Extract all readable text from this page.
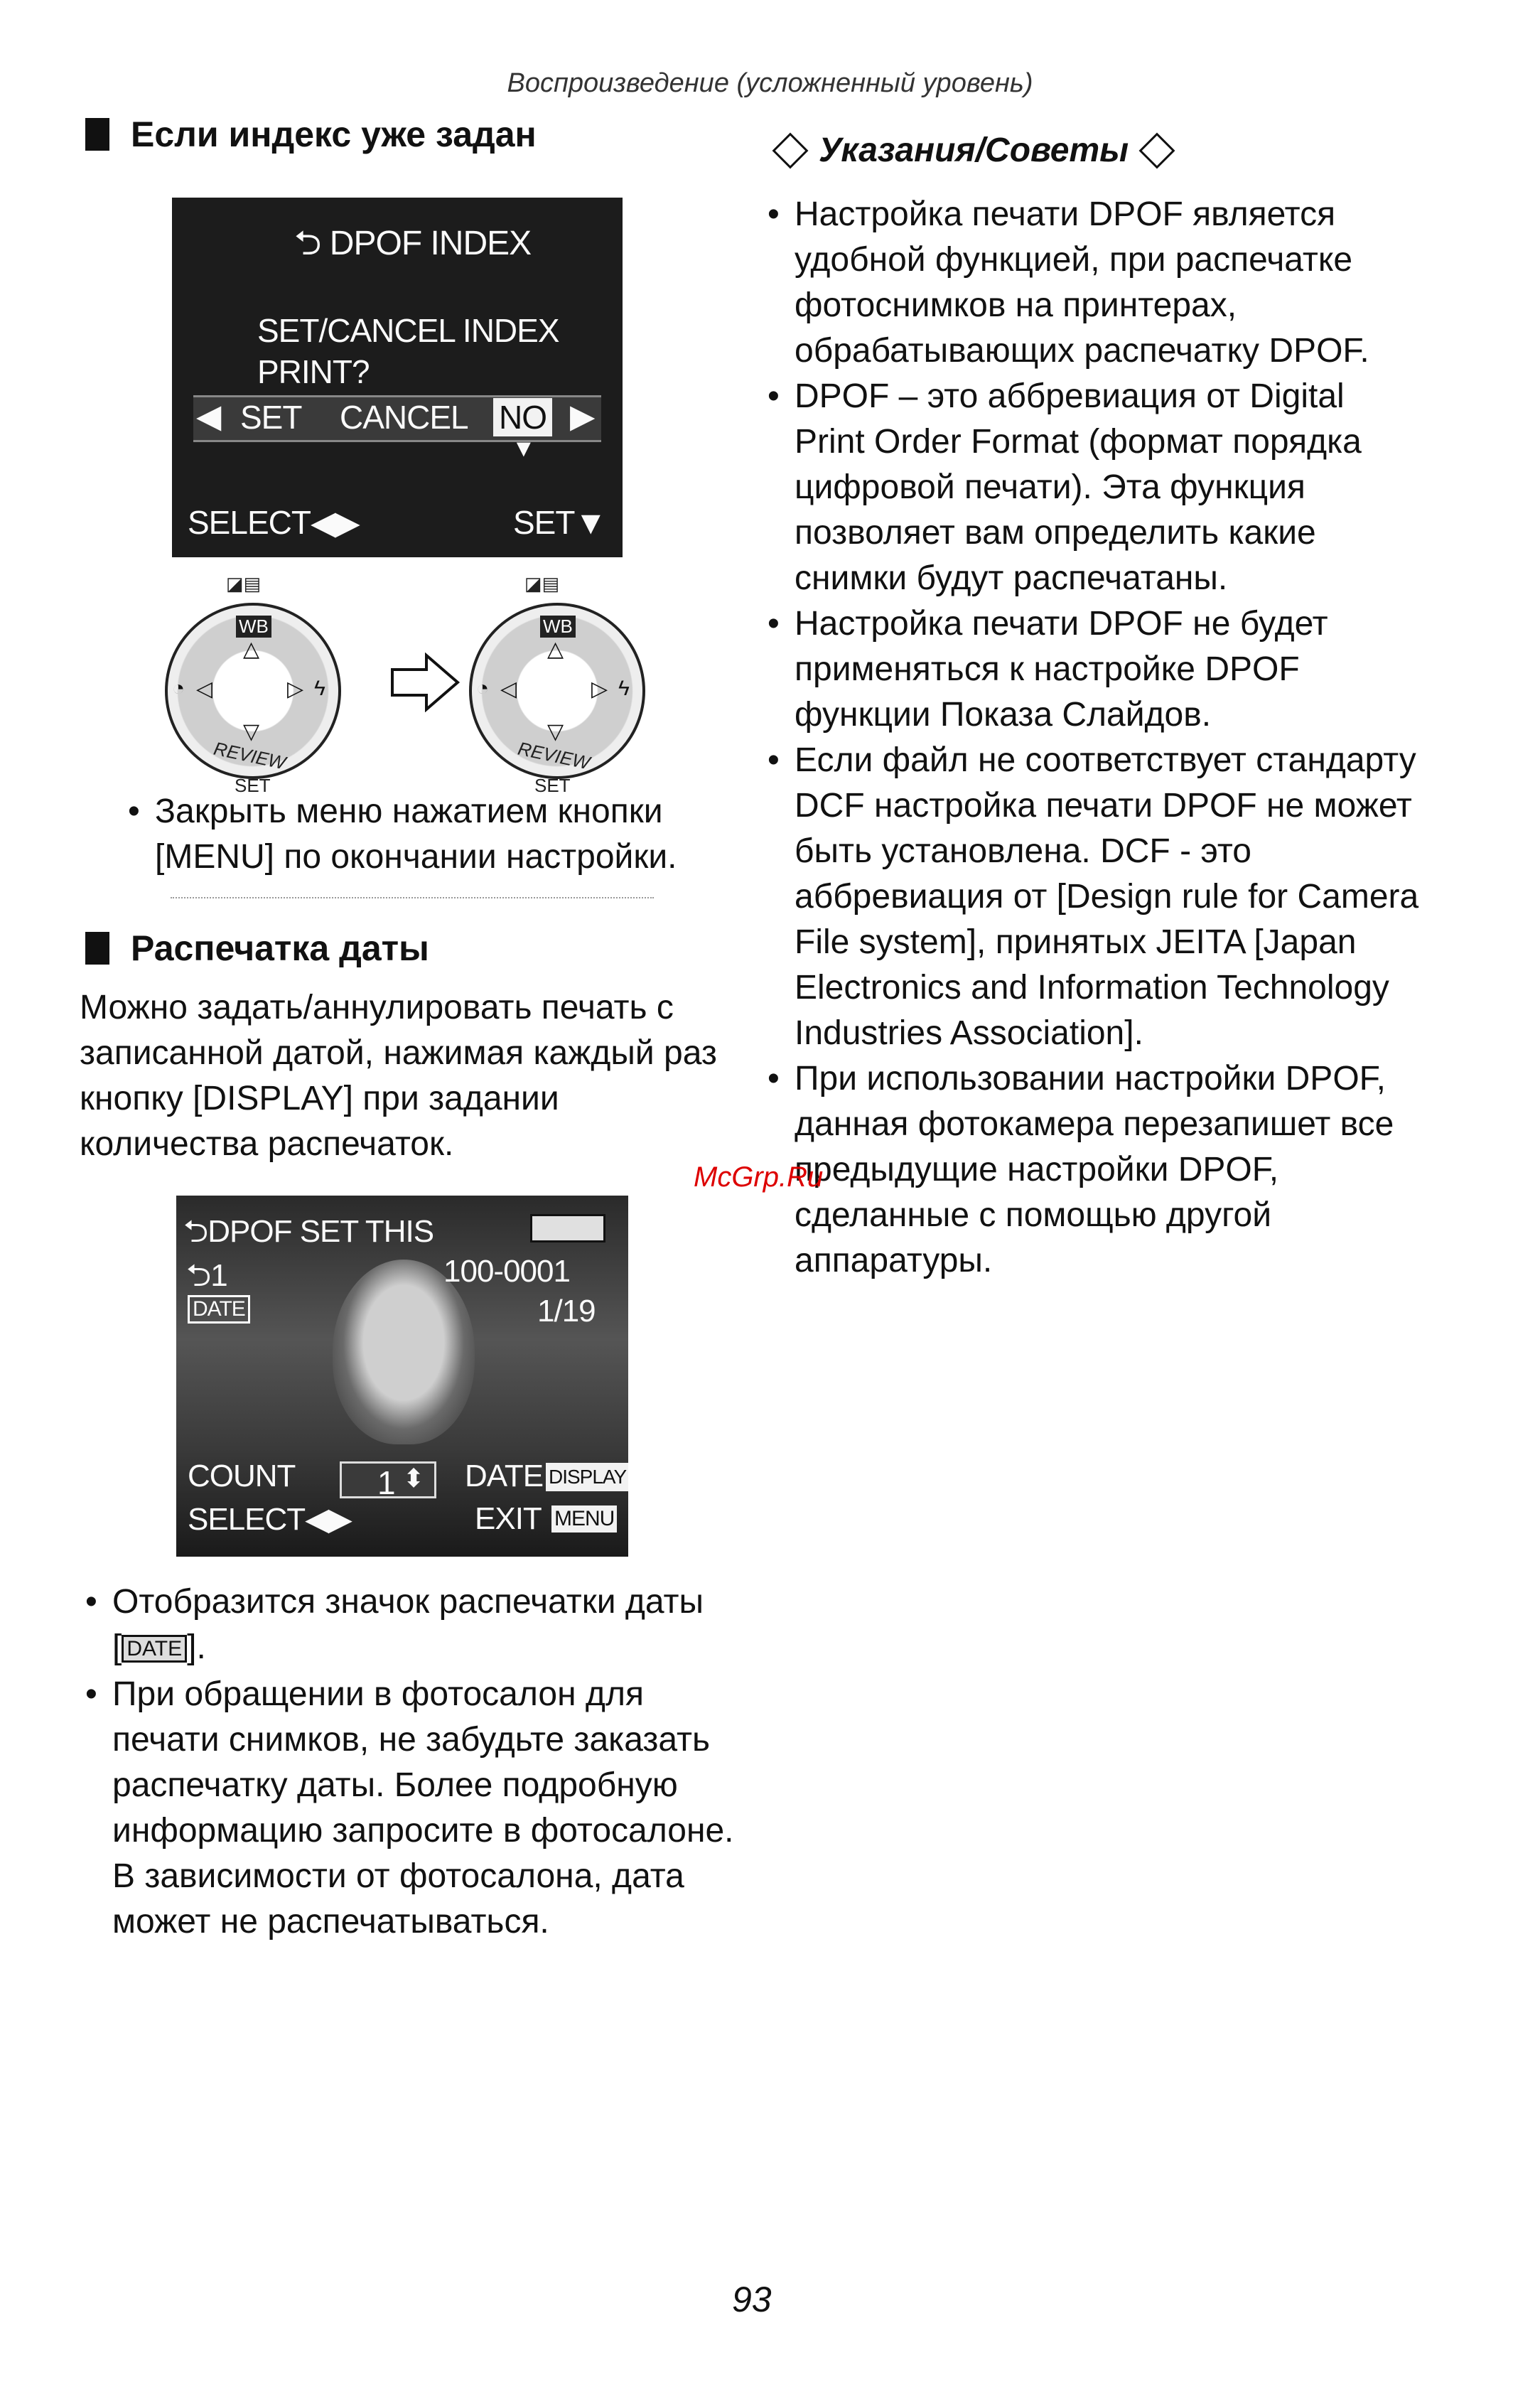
Воспроизведение (усложненный уровень)
Если индекс уже задан
⮌ DPOF INDEX
SET/CANCEL INDEX
PRINT?
◀ SET CANCEL NO ▶
▼
SELECT◀▶	SET▼
◪▤	◪▤
WB
△
▽
◁	▷
◔	ϟ
REVIEW
SET
WB
△
▽
◁	▷
◔	ϟ
REVIEW
SET
• Закрыть меню нажатием кнопки [MENU] по окончании настройки.
Распечатка даты
Можно задать/аннулировать печать с записанной датой, нажимая каждый раз кнопку [DISPLAY] при задании количества распечаток.
⮌DPOF SET THIS
⮌1	100-0001
DATE	1/19
COUNT	1 ⬍ DATE DISPLAY
SELECT◀▶	EXIT MENU
• Отобразится значок распечатки даты [ DATE ].
• При обращении в фотосалон для печати снимков, не забудьте заказать распечатку даты. Более подробную информацию запросите в фотосалоне. В зависимости от фотосалона, дата может не распечатываться.
Указания/Советы
• Настройка печати DPOF является удобной функцией, при распечатке фотоснимков на принтерах, обрабатывающих распечатку DPOF.
• DPOF – это аббревиация от Digital Print Order Format (формат порядка цифровой печати). Эта функция позволяет вам определить какие снимки будут распечатаны.
• Настройка печати DPOF не будет применяться к настройке DPOF функции Показа Слайдов.
• Если файл не соответствует стандарту DCF настройка печати DPOF не может быть установлена. DCF - это аббревиация от [Design rule for Camera File system], принятых JEITA [Japan Electronics and Information Technology Industries Association].
• При использовании настройки DPOF, данная фотокамера перезапишет все предыдущие настройки DPOF, сделанные с помощью другой аппаратуры.
McGrp.Ru
93
